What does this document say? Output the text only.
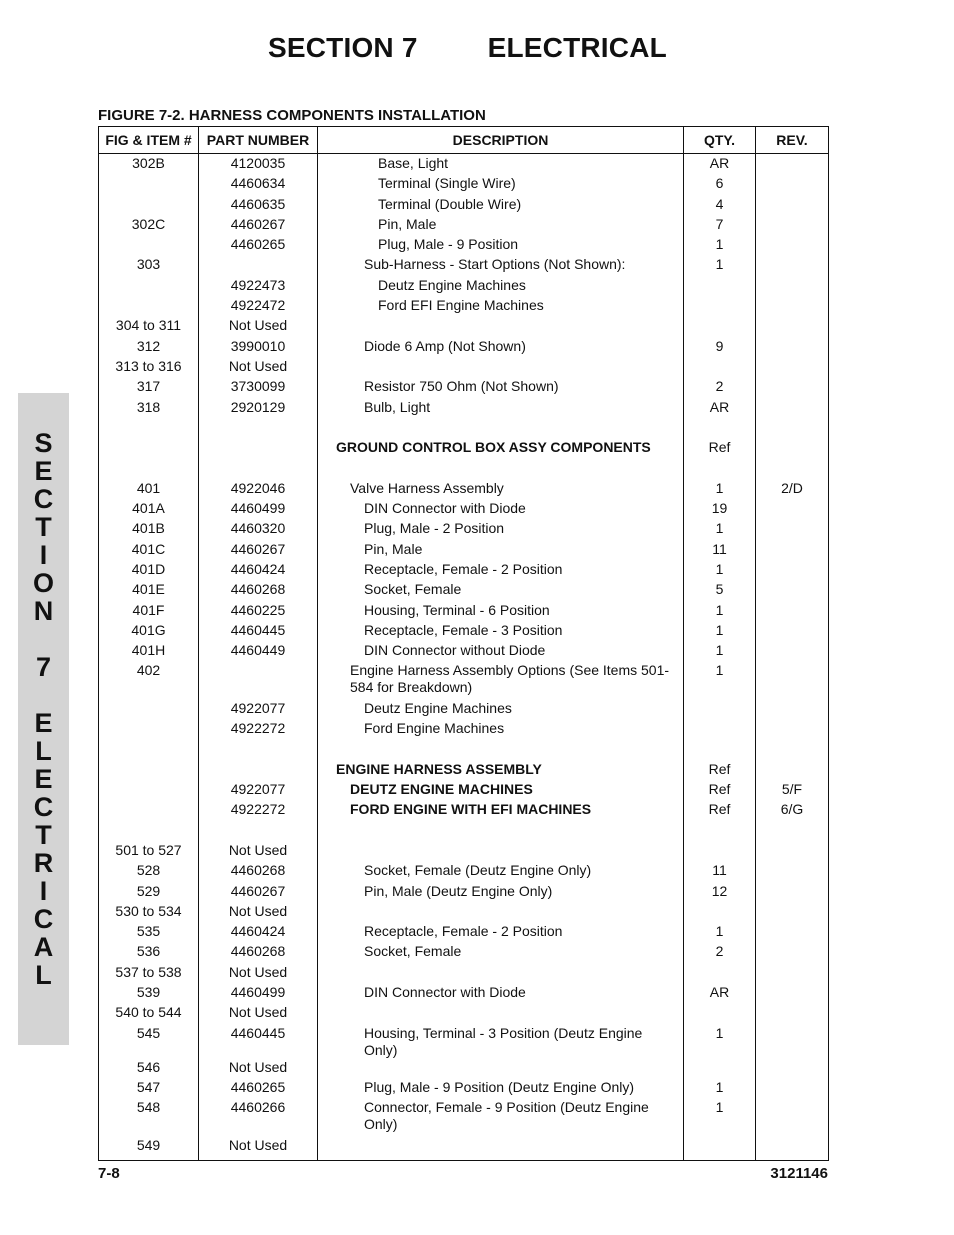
SECTION 7 ELECTRICAL
FIGURE 7-2. HARNESS COMPONENTS INSTALLATION
FIG & ITEM #	PART NUMBER	DESCRIPTION	QTY.	REV.
302B	4120035	Base, Light	AR	
	4460634	Terminal (Single Wire)	6	
	4460635	Terminal (Double Wire)	4	
302C	4460267	Pin, Male	7	
	4460265	Plug, Male - 9 Position	1	
303		Sub-Harness - Start Options (Not Shown):	1	
	4922473	Deutz Engine Machines		
	4922472	Ford EFI Engine Machines		
304 to 311	Not Used			
312	3990010	Diode 6 Amp (Not Shown)	9	
313 to 316	Not Used			
317	3730099	Resistor 750 Ohm (Not Shown)	2	
318	2920129	Bulb, Light	AR	

		GROUND CONTROL BOX ASSY COMPONENTS	Ref	

401	4922046	Valve Harness Assembly	1	2/D
401A	4460499	DIN Connector with Diode	19	
401B	4460320	Plug, Male - 2 Position	1	
401C	4460267	Pin, Male	11	
401D	4460424	Receptacle, Female - 2 Position	1	
401E	4460268	Socket, Female	5	
401F	4460225	Housing, Terminal - 6 Position	1	
401G	4460445	Receptacle, Female - 3 Position	1	
401H	4460449	DIN Connector without Diode	1	
402		Engine Harness Assembly Options (See Items 501-584 for Breakdown)	1	
	4922077	Deutz Engine Machines		
	4922272	Ford Engine Machines		

		ENGINE HARNESS ASSEMBLY	Ref	
	4922077	DEUTZ ENGINE MACHINES	Ref	5/F
	4922272	FORD ENGINE WITH EFI MACHINES	Ref	6/G

501 to 527	Not Used			
528	4460268	Socket, Female (Deutz Engine Only)	11	
529	4460267	Pin, Male (Deutz Engine Only)	12	
530 to 534	Not Used			
535	4460424	Receptacle, Female - 2 Position	1	
536	4460268	Socket, Female	2	
537 to 538	Not Used			
539	4460499	DIN Connector with Diode	AR	
540 to 544	Not Used			
545	4460445	Housing, Terminal - 3 Position (Deutz Engine Only)	1	
546	Not Used			
547	4460265	Plug, Male - 9 Position (Deutz Engine Only)	1	
548	4460266	Connector, Female - 9 Position (Deutz Engine Only)	1	
549	Not Used			
S
E
C
T
I
O
N
7
E
L
E
C
T
R
I
C
A
L
7-8	3121146
